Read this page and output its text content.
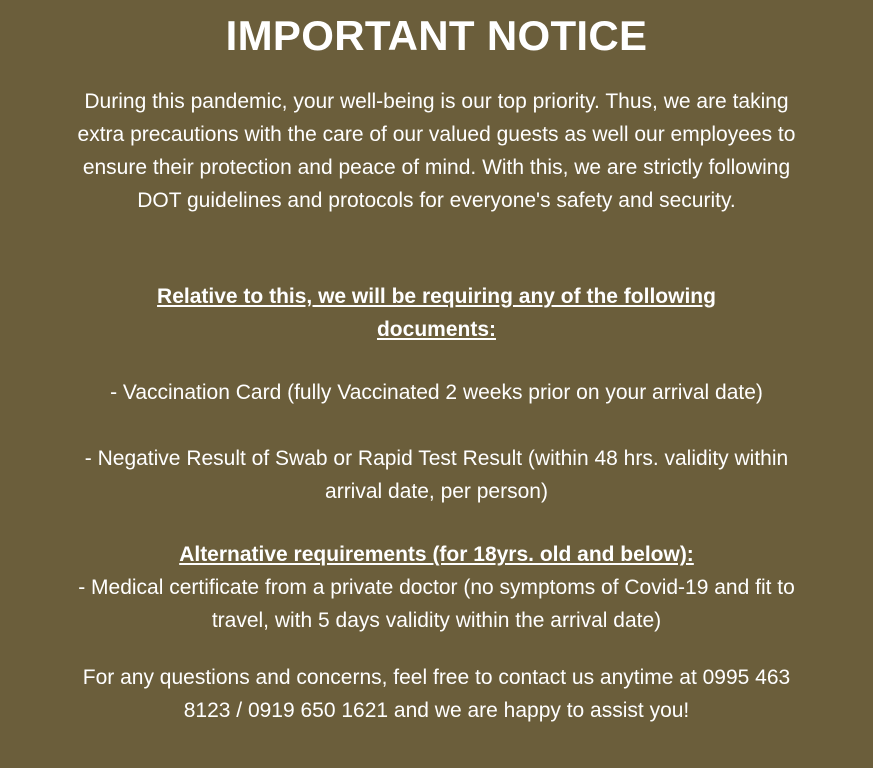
IMPORTANT NOTICE

During this pandemic, your well-being is our top priority. Thus, we are taking extra precautions with the care of our valued guests as well our employees to ensure their protection and peace of mind. With this, we are strictly following DOT guidelines and protocols for everyone's safety and security.

Relative to this, we will be requiring any of the following documents:

- Vaccination Card (fully Vaccinated 2 weeks prior on your arrival date)

- Negative Result of Swab or Rapid Test Result (within 48 hrs. validity within arrival date, per person)

Alternative requirements (for 18yrs. old and below):
- Medical certificate from a private doctor (no symptoms of Covid-19 and fit to travel, with 5 days validity within the arrival date)

For any questions and concerns, feel free to contact us anytime at 0995 463 8123 / 0919 650 1621 and we are happy to assist you!
